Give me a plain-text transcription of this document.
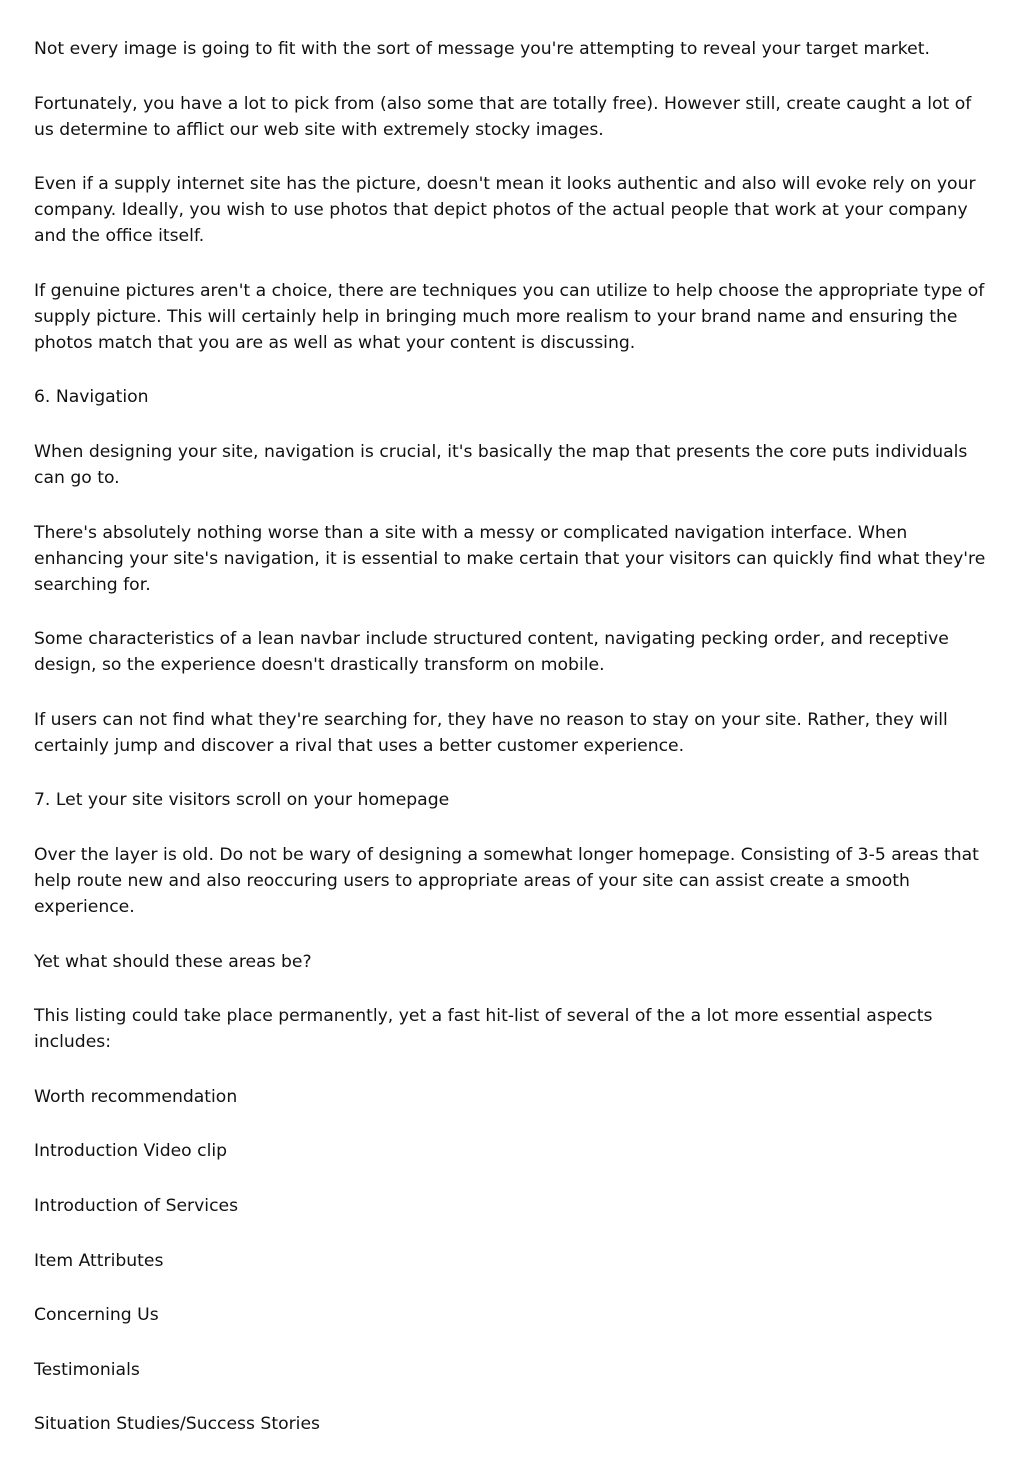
Not every image is going to fit with the sort of message you're attempting to reveal your target market.

Fortunately, you have a lot to pick from (also some that are totally free). However still, create caught a lot of us determine to afflict our web site with extremely stocky images.

Even if a supply internet site has the picture, doesn't mean it looks authentic and also will evoke rely on your company. Ideally, you wish to use photos that depict photos of the actual people that work at your company and the office itself.

If genuine pictures aren't a choice, there are techniques you can utilize to help choose the appropriate type of supply picture. This will certainly help in bringing much more realism to your brand name and ensuring the photos match that you are as well as what your content is discussing.

6. Navigation

When designing your site, navigation is crucial, it's basically the map that presents the core puts individuals can go to.

There's absolutely nothing worse than a site with a messy or complicated navigation interface. When enhancing your site's navigation, it is essential to make certain that your visitors can quickly find what they're searching for.

Some characteristics of a lean navbar include structured content, navigating pecking order, and receptive design, so the experience doesn't drastically transform on mobile.

If users can not find what they're searching for, they have no reason to stay on your site. Rather, they will certainly jump and discover a rival that uses a better customer experience.

7. Let your site visitors scroll on your homepage

Over the layer is old. Do not be wary of designing a somewhat longer homepage. Consisting of 3-5 areas that help route new and also reoccuring users to appropriate areas of your site can assist create a smooth experience.

Yet what should these areas be?

This listing could take place permanently, yet a fast hit-list of several of the a lot more essential aspects includes:

Worth recommendation

Introduction Video clip

Introduction of Services

Item Attributes

Concerning Us

Testimonials

Situation Studies/Success Stories
